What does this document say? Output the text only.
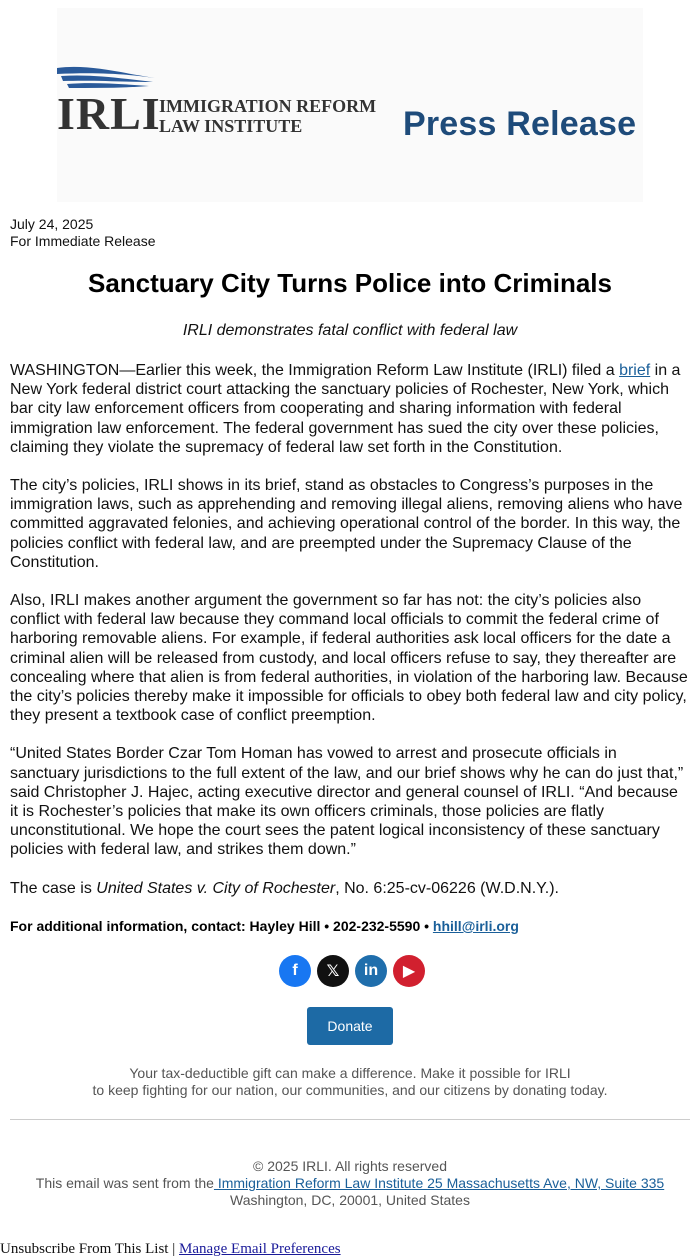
IRLI
IMMIGRATION REFORM
LAW INSTITUTE	Press Release
July 24, 2025
For Immediate Release
Sanctuary City Turns Police into Criminals
IRLI demonstrates fatal conflict with federal law

WASHINGTON—Earlier this week, the Immigration Reform Law Institute (IRLI) filed a brief in a New York federal district court attacking the sanctuary policies of Rochester, New York, which bar city law enforcement officers from cooperating and sharing information with federal immigration law enforcement. The federal government has sued the city over these policies, claiming they violate the supremacy of federal law set forth in the Constitution.

The city’s policies, IRLI shows in its brief, stand as obstacles to Congress’s purposes in the immigration laws, such as apprehending and removing illegal aliens, removing aliens who have committed aggravated felonies, and achieving operational control of the border. In this way, the policies conflict with federal law, and are preempted under the Supremacy Clause of the Constitution.

Also, IRLI makes another argument the government so far has not: the city’s policies also conflict with federal law because they command local officials to commit the federal crime of harboring removable aliens. For example, if federal authorities ask local officers for the date a criminal alien will be released from custody, and local officers refuse to say, they thereafter are concealing where that alien is from federal authorities, in violation of the harboring law. Because the city’s policies thereby make it impossible for officials to obey both federal law and city policy, they present a textbook case of conflict preemption.

“United States Border Czar Tom Homan has vowed to arrest and prosecute officials in sanctuary jurisdictions to the full extent of the law, and our brief shows why he can do just that,” said Christopher J. Hajec, acting executive director and general counsel of IRLI. “And because it is Rochester’s policies that make its own officers criminals, those policies are flatly unconstitutional. We hope the court sees the patent logical inconsistency of these sanctuary policies with federal law, and strikes them down.”

The case is United States v. City of Rochester, No. 6:25-cv-06226 (W.D.N.Y.).

For additional information, contact: Hayley Hill • 202-232-5590 • hhill@irli.org
f	𝕏	in	▶
Donate
Your tax-deductible gift can make a difference. Make it possible for IRLI
to keep fighting for our nation, our communities, and our citizens by donating today.
© 2025 IRLI. All rights reserved
This email was sent from the Immigration Reform Law Institute 25 Massachusetts Ave, NW, Suite 335 Washington, DC, 20001, United States
Unsubscribe From This List | Manage Email Preferences
